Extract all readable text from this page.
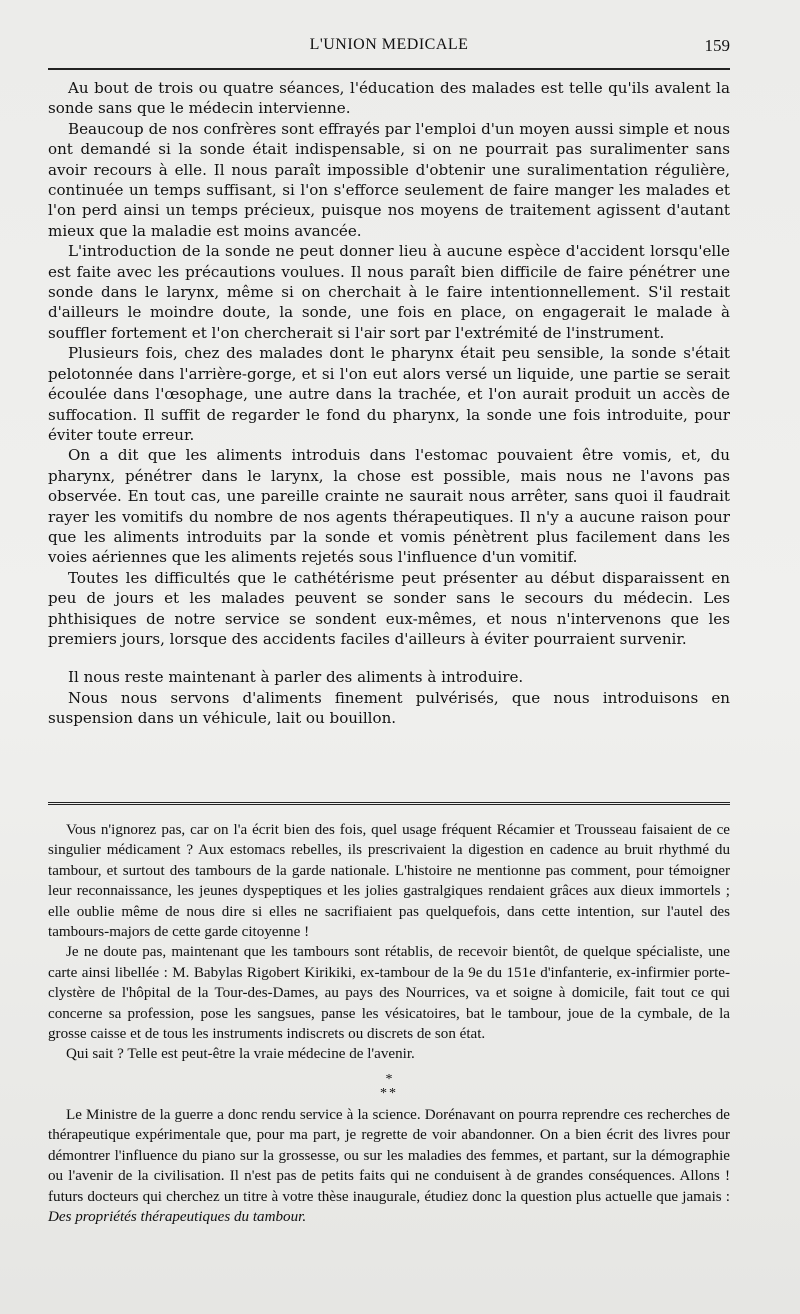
L'UNION MEDICALE	159

Au bout de trois ou quatre séances, l'éducation des malades est telle qu'ils avalent la sonde sans que le médecin intervienne.

Beaucoup de nos confrères sont effrayés par l'emploi d'un moyen aussi simple et nous ont demandé si la sonde était indispensable, si on ne pourrait pas suralimenter sans avoir recours à elle. Il nous paraît impossible d'obtenir une suralimentation régulière, continuée un temps suffisant, si l'on s'efforce seulement de faire manger les malades et l'on perd ainsi un temps précieux, puisque nos moyens de traitement agissent d'autant mieux que la maladie est moins avancée.

L'introduction de la sonde ne peut donner lieu à aucune espèce d'accident lorsqu'elle est faite avec les précautions voulues. Il nous paraît bien difficile de faire pénétrer une sonde dans le larynx, même si on cherchait à le faire intentionnellement. S'il restait d'ailleurs le moindre doute, la sonde, une fois en place, on engagerait le malade à souffler fortement et l'on chercherait si l'air sort par l'extrémité de l'instrument.

Plusieurs fois, chez des malades dont le pharynx était peu sensible, la sonde s'était pelotonnée dans l'arrière-gorge, et si l'on eut alors versé un liquide, une partie se serait écoulée dans l'œsophage, une autre dans la trachée, et l'on aurait produit un accès de suffocation. Il suffit de regarder le fond du pharynx, la sonde une fois introduite, pour éviter toute erreur.

On a dit que les aliments introduis dans l'estomac pouvaient être vomis, et, du pharynx, pénétrer dans le larynx, la chose est possible, mais nous ne l'avons pas observée. En tout cas, une pareille crainte ne saurait nous arrêter, sans quoi il faudrait rayer les vomitifs du nombre de nos agents thérapeutiques. Il n'y a aucune raison pour que les aliments introduits par la sonde et vomis pénètrent plus facilement dans les voies aériennes que les aliments rejetés sous l'influence d'un vomitif.

Toutes les difficultés que le cathétérisme peut présenter au début disparaissent en peu de jours et les malades peuvent se sonder sans le secours du médecin. Les phthisiques de notre service se sondent eux-mêmes, et nous n'intervenons que les premiers jours, lorsque des accidents faciles d'ailleurs à éviter pourraient survenir.

Il nous reste maintenant à parler des aliments à introduire.

Nous nous servons d'aliments finement pulvérisés, que nous introduisons en suspension dans un véhicule, lait ou bouillon.

Vous n'ignorez pas, car on l'a écrit bien des fois, quel usage fréquent Récamier et Trousseau faisaient de ce singulier médicament ? Aux estomacs rebelles, ils prescrivaient la digestion en cadence au bruit rhythmé du tambour, et surtout des tambours de la garde nationale. L'histoire ne mentionne pas comment, pour témoigner leur reconnaissance, les jeunes dyspeptiques et les jolies gastralgiques rendaient grâces aux dieux immortels ; elle oublie même de nous dire si elles ne sacrifiaient pas quelquefois, dans cette intention, sur l'autel des tambours-majors de cette garde citoyenne !

Je ne doute pas, maintenant que les tambours sont rétablis, de recevoir bientôt, de quelque spécialiste, une carte ainsi libellée : M. Babylas Rigobert Kirikiki, ex-tambour de la 9e du 151e d'infanterie, ex-infirmier porte-clystère de l'hôpital de la Tour-des-Dames, au pays des Nourrices, va et soigne à domicile, fait tout ce qui concerne sa profession, pose les sangsues, panse les vésicatoires, bat le tambour, joue de la cymbale, de la grosse caisse et de tous les instruments indiscrets ou discrets de son état.

Qui sait ? Telle est peut-être la vraie médecine de l'avenir.

*
**

Le Ministre de la guerre a donc rendu service à la science. Dorénavant on pourra reprendre ces recherches de thérapeutique expérimentale que, pour ma part, je regrette de voir abandonner. On a bien écrit des livres pour démontrer l'influence du piano sur la grossesse, ou sur les maladies des femmes, et partant, sur la démographie ou l'avenir de la civilisation. Il n'est pas de petits faits qui ne conduisent à de grandes conséquences. Allons ! futurs docteurs qui cherchez un titre à votre thèse inaugurale, étudiez donc la question plus actuelle que jamais : Des propriétés thérapeutiques du tambour.
